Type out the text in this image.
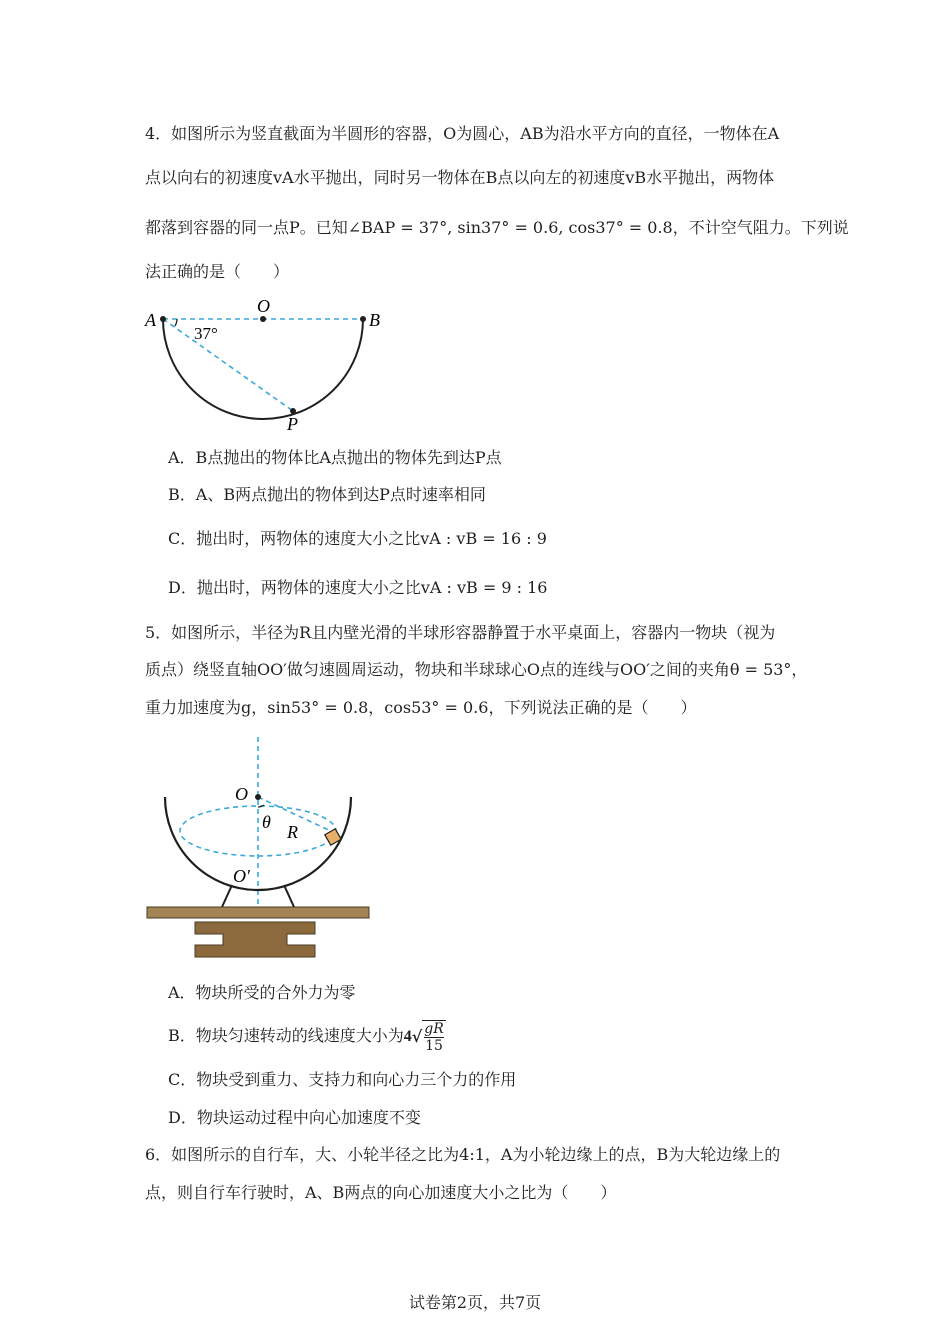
4．如图所示为竖直截面为半圆形的容器，O为圆心，AB为沿水平方向的直径，一物体在A
点以向右的初速度vA水平抛出，同时另一物体在B点以向左的初速度vB水平抛出，两物体
都落到容器的同一点P。已知∠BAP = 37°, sin37° = 0.6, cos37° = 0.8，不计空气阻力。下列说
法正确的是（　　）
A
O
B
P
37°
A．B点抛出的物体比A点抛出的物体先到达P点
B．A、B两点抛出的物体到达P点时速率相同
C．抛出时，两物体的速度大小之比vA : vB = 16 : 9
D．抛出时，两物体的速度大小之比vA : vB = 9 : 16
5．如图所示，半径为R且内壁光滑的半球形容器静置于水平桌面上，容器内一物块（视为
质点）绕竖直轴OO′做匀速圆周运动，物块和半球球心O点的连线与OO′之间的夹角θ = 53°，
重力加速度为g，sin53° = 0.8，cos53° = 0.6，下列说法正确的是（　　）
O
θ R
O′
A．物块所受的合外力为零
B．物块匀速转动的线速度大小为$4√ \frac{gR}{15}$
C．物块受到重力、支持力和向心力三个力的作用
D．物块运动过程中向心加速度不变
6．如图所示的自行车，大、小轮半径之比为4:1，A为小轮边缘上的点，B为大轮边缘上的
点，则自行车行驶时，A、B两点的向心加速度大小之比为（　　）
试卷第2页，共7页
